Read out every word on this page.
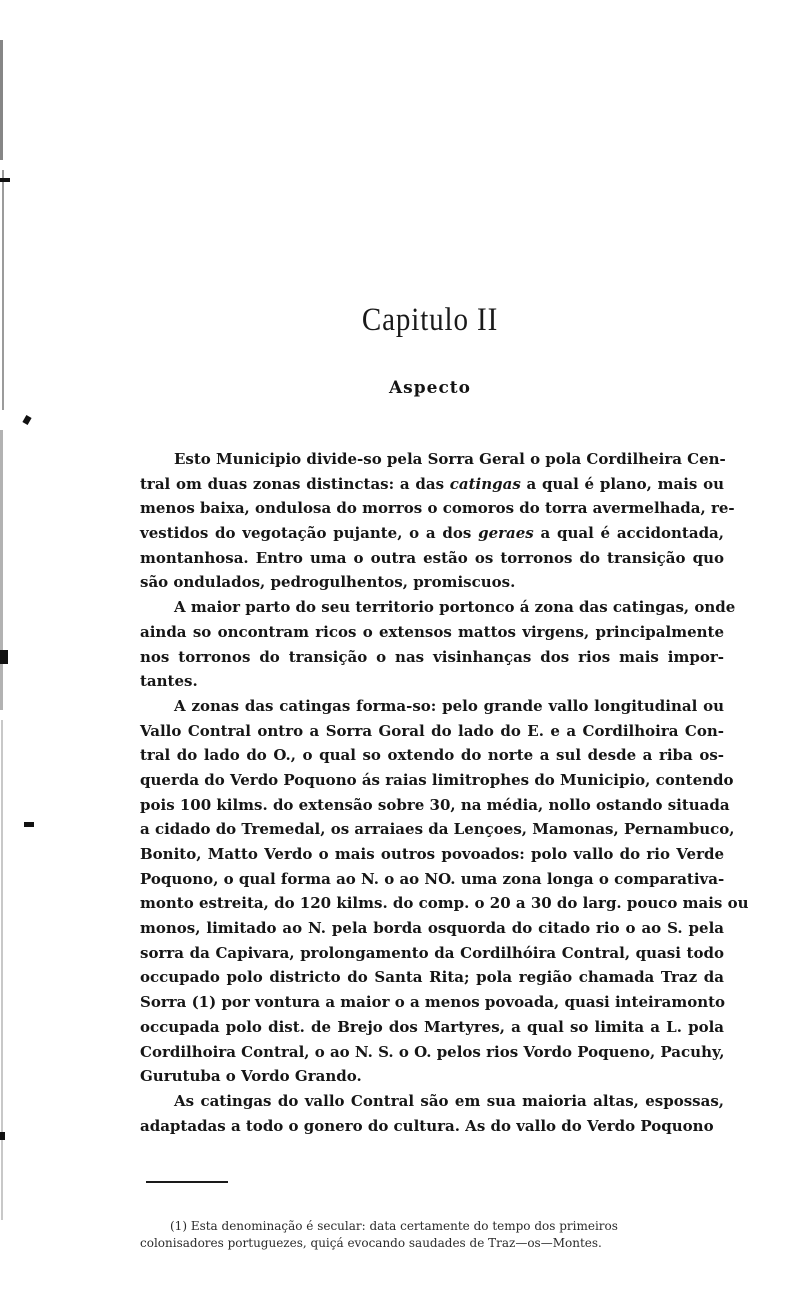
Capitulo II
Aspecto
Esto Municipio divide-so pela Sorra Geral o pola Cordilheira Cen-
tral om duas zonas distinctas: a das catingas a qual é plano, mais ou
menos baixa, ondulosa do morros o comoros do torra avermelhada, re-
vestidos do vegotação pujante, o a dos geraes a qual é accidontada,
montanhosa. Entro uma o outra estão os torronos do transição quo
são ondulados, pedrogulhentos, promiscuos.
A maior parto do seu territorio portonco á zona das catingas, onde
ainda so oncontram ricos o extensos mattos virgens, principalmente
nos torronos do transição o nas visinhanças dos rios mais impor-
tantes.
A zonas das catingas forma-so: pelo grande vallo longitudinal ou
Vallo Contral ontro a Sorra Goral do lado do E. e a Cordilhoira Con-
tral do lado do O., o qual so oxtendo do norte a sul desde a riba os-
querda do Verdo Poquono ás raias limitrophes do Municipio, contendo
pois 100 kilms. do extensão sobre 30, na média, nollo ostando situada
a cidado do Tremedal, os arraiaes da Lençoes, Mamonas, Pernambuco,
Bonito, Matto Verdo o mais outros povoados: polo vallo do rio Verde
Poquono, o qual forma ao N. o ao NO. uma zona longa o comparativa-
monto estreita, do 120 kilms. do comp. o 20 a 30 do larg. pouco mais ou
monos, limitado ao N. pela borda osquorda do citado rio o ao S. pela
sorra da Capivara, prolongamento da Cordilhóira Contral, quasi todo
occupado polo districto do Santa Rita; pola região chamada Traz da
Sorra (1) por vontura a maior o a menos povoada, quasi inteiramonto
occupada polo dist. de Brejo dos Martyres, a qual so limita a L. pola
Cordilhoira Contral, o ao N. S. o O. pelos rios Vordo Poqueno, Pacuhy,
Gurutuba o Vordo Grando.
As catingas do vallo Contral são em sua maioria altas, espossas,
adaptadas a todo o gonero do cultura. As do vallo do Verdo Poquono
(1) Esta denominação é secular: data certamente do tempo dos primeiros
colonisadores portuguezes, quiçá evocando saudades de Traz—os—Montes.
